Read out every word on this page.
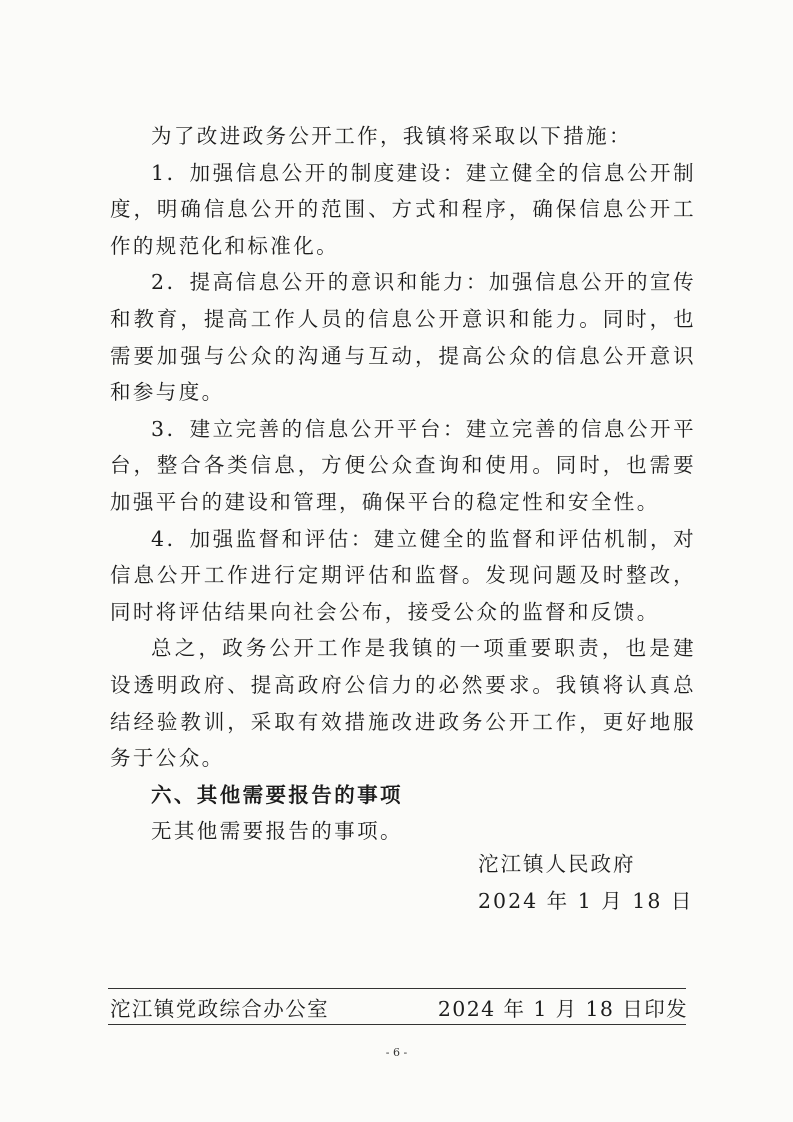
为了改进政务公开工作，我镇将采取以下措施：

1．加强信息公开的制度建设：建立健全的信息公开制度，明确信息公开的范围、方式和程序，确保信息公开工作的规范化和标准化。

2．提高信息公开的意识和能力：加强信息公开的宣传和教育，提高工作人员的信息公开意识和能力。同时，也需要加强与公众的沟通与互动，提高公众的信息公开意识和参与度。

3．建立完善的信息公开平台：建立完善的信息公开平台，整合各类信息，方便公众查询和使用。同时，也需要加强平台的建设和管理，确保平台的稳定性和安全性。

4．加强监督和评估：建立健全的监督和评估机制，对信息公开工作进行定期评估和监督。发现问题及时整改，同时将评估结果向社会公布，接受公众的监督和反馈。

总之，政务公开工作是我镇的一项重要职责，也是建设透明政府、提高政府公信力的必然要求。我镇将认真总结经验教训，采取有效措施改进政务公开工作，更好地服务于公众。

六、其他需要报告的事项

无其他需要报告的事项。

沱江镇人民政府
2024 年 1 月 18 日
沱江镇党政综合办公室	2024 年 1 月 18 日印发
- 6 -
